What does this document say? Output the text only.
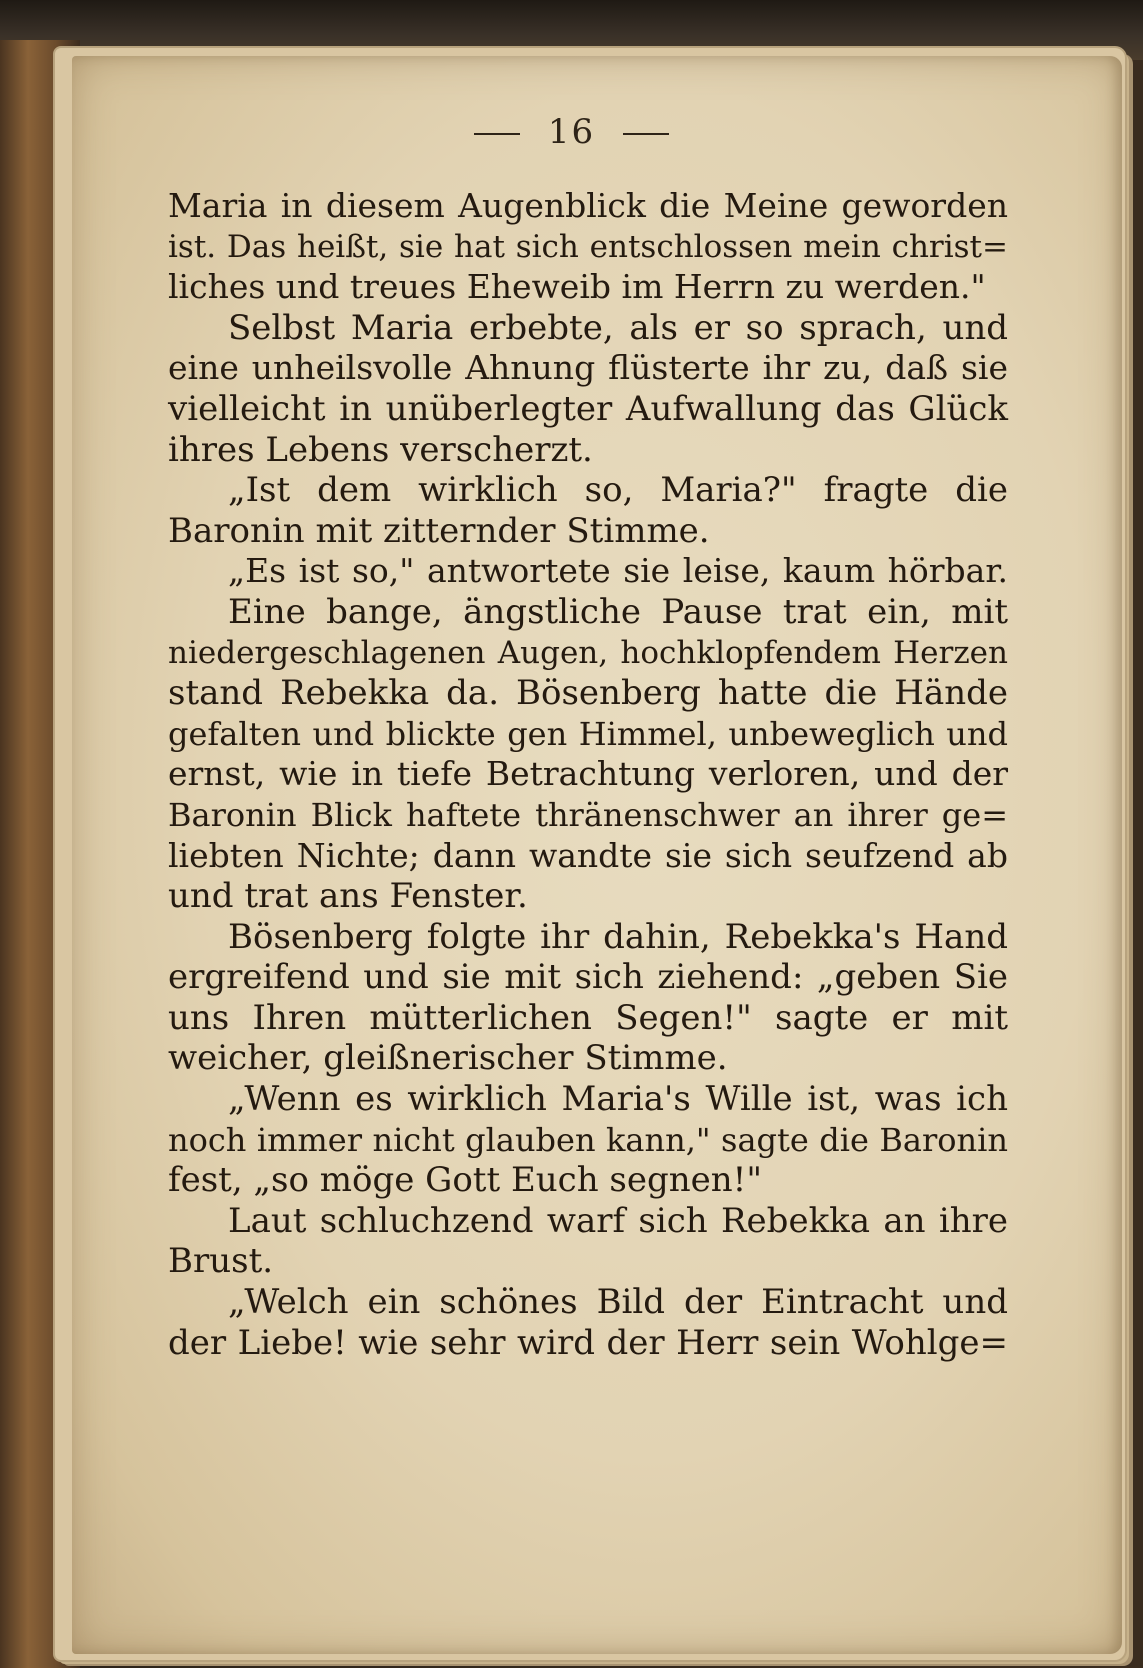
16
Maria in diesem Augenblick die Meine geworden
ist. Das heißt, sie hat sich entschlossen mein christ=
liches und treues Eheweib im Herrn zu werden."
Selbst Maria erbebte, als er so sprach, und
eine unheilsvolle Ahnung flüsterte ihr zu, daß sie
vielleicht in unüberlegter Aufwallung das Glück
ihres Lebens verscherzt.
„Ist dem wirklich so, Maria?" fragte die
Baronin mit zitternder Stimme.
„Es ist so," antwortete sie leise, kaum hörbar.
Eine bange, ängstliche Pause trat ein, mit
niedergeschlagenen Augen, hochklopfendem Herzen
stand Rebekka da. Bösenberg hatte die Hände
gefalten und blickte gen Himmel, unbeweglich und
ernst, wie in tiefe Betrachtung verloren, und der
Baronin Blick haftete thränenschwer an ihrer ge=
liebten Nichte; dann wandte sie sich seufzend ab
und trat ans Fenster.
Bösenberg folgte ihr dahin, Rebekka's Hand
ergreifend und sie mit sich ziehend: „geben Sie
uns Ihren mütterlichen Segen!" sagte er mit
weicher, gleißnerischer Stimme.
„Wenn es wirklich Maria's Wille ist, was ich
noch immer nicht glauben kann," sagte die Baronin
fest, „so möge Gott Euch segnen!"
Laut schluchzend warf sich Rebekka an ihre
Brust.
„Welch ein schönes Bild der Eintracht und
der Liebe! wie sehr wird der Herr sein Wohlge=
